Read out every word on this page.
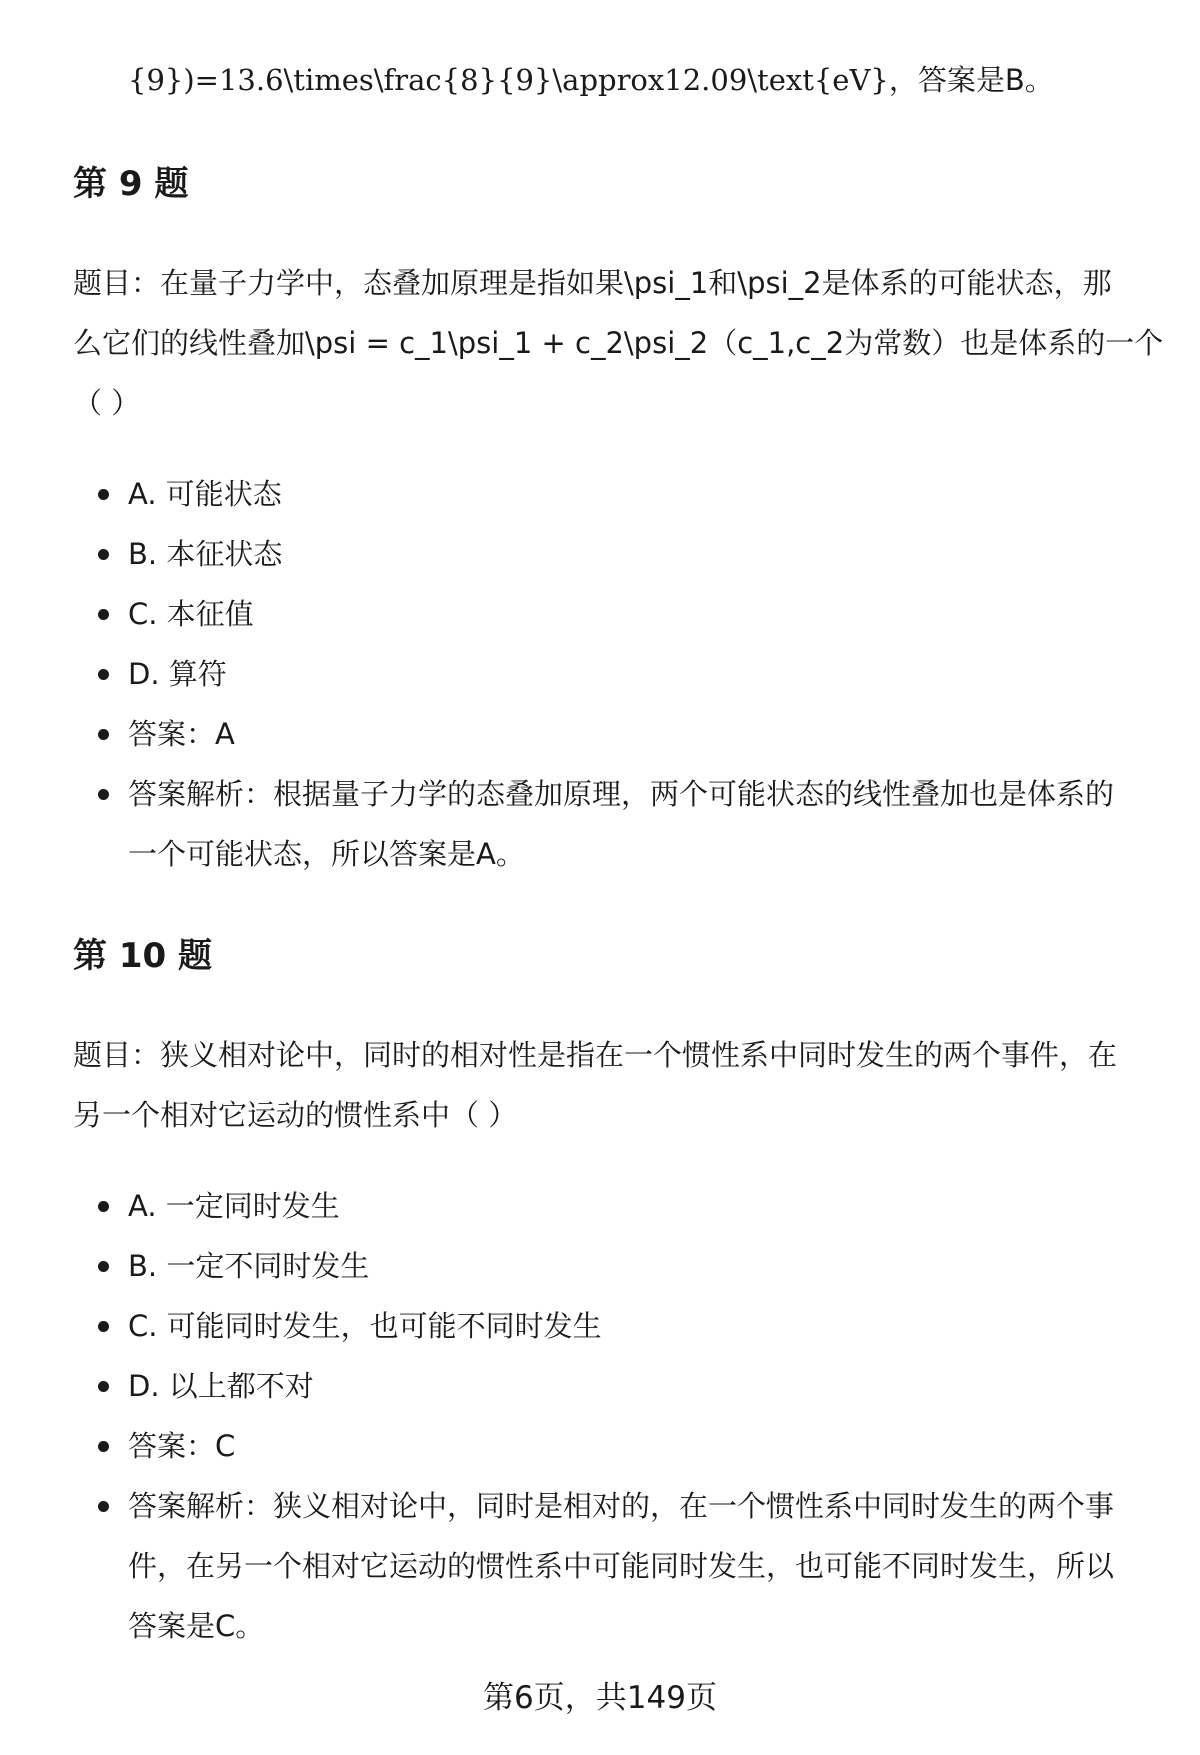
{9})=13.6\times\frac{8}{9}\approx12.09\text{eV}，答案是B。
第 9 题
题目：在量子力学中，态叠加原理是指如果\psi_1和\psi_2是体系的可能状态，那
么它们的线性叠加\psi = c_1\psi_1 + c_2\psi_2（c_1,c_2为常数）也是体系的一个
（ ）
A. 可能状态
B. 本征状态
C. 本征值
D. 算符
答案：A
答案解析：根据量子力学的态叠加原理，两个可能状态的线性叠加也是体系的
一个可能状态，所以答案是A。
第 10 题
题目：狭义相对论中，同时的相对性是指在一个惯性系中同时发生的两个事件，在
另一个相对它运动的惯性系中（ ）
A. 一定同时发生
B. 一定不同时发生
C. 可能同时发生，也可能不同时发生
D. 以上都不对
答案：C
答案解析：狭义相对论中，同时是相对的，在一个惯性系中同时发生的两个事
件，在另一个相对它运动的惯性系中可能同时发生，也可能不同时发生，所以
答案是C。
第6页，共149页
